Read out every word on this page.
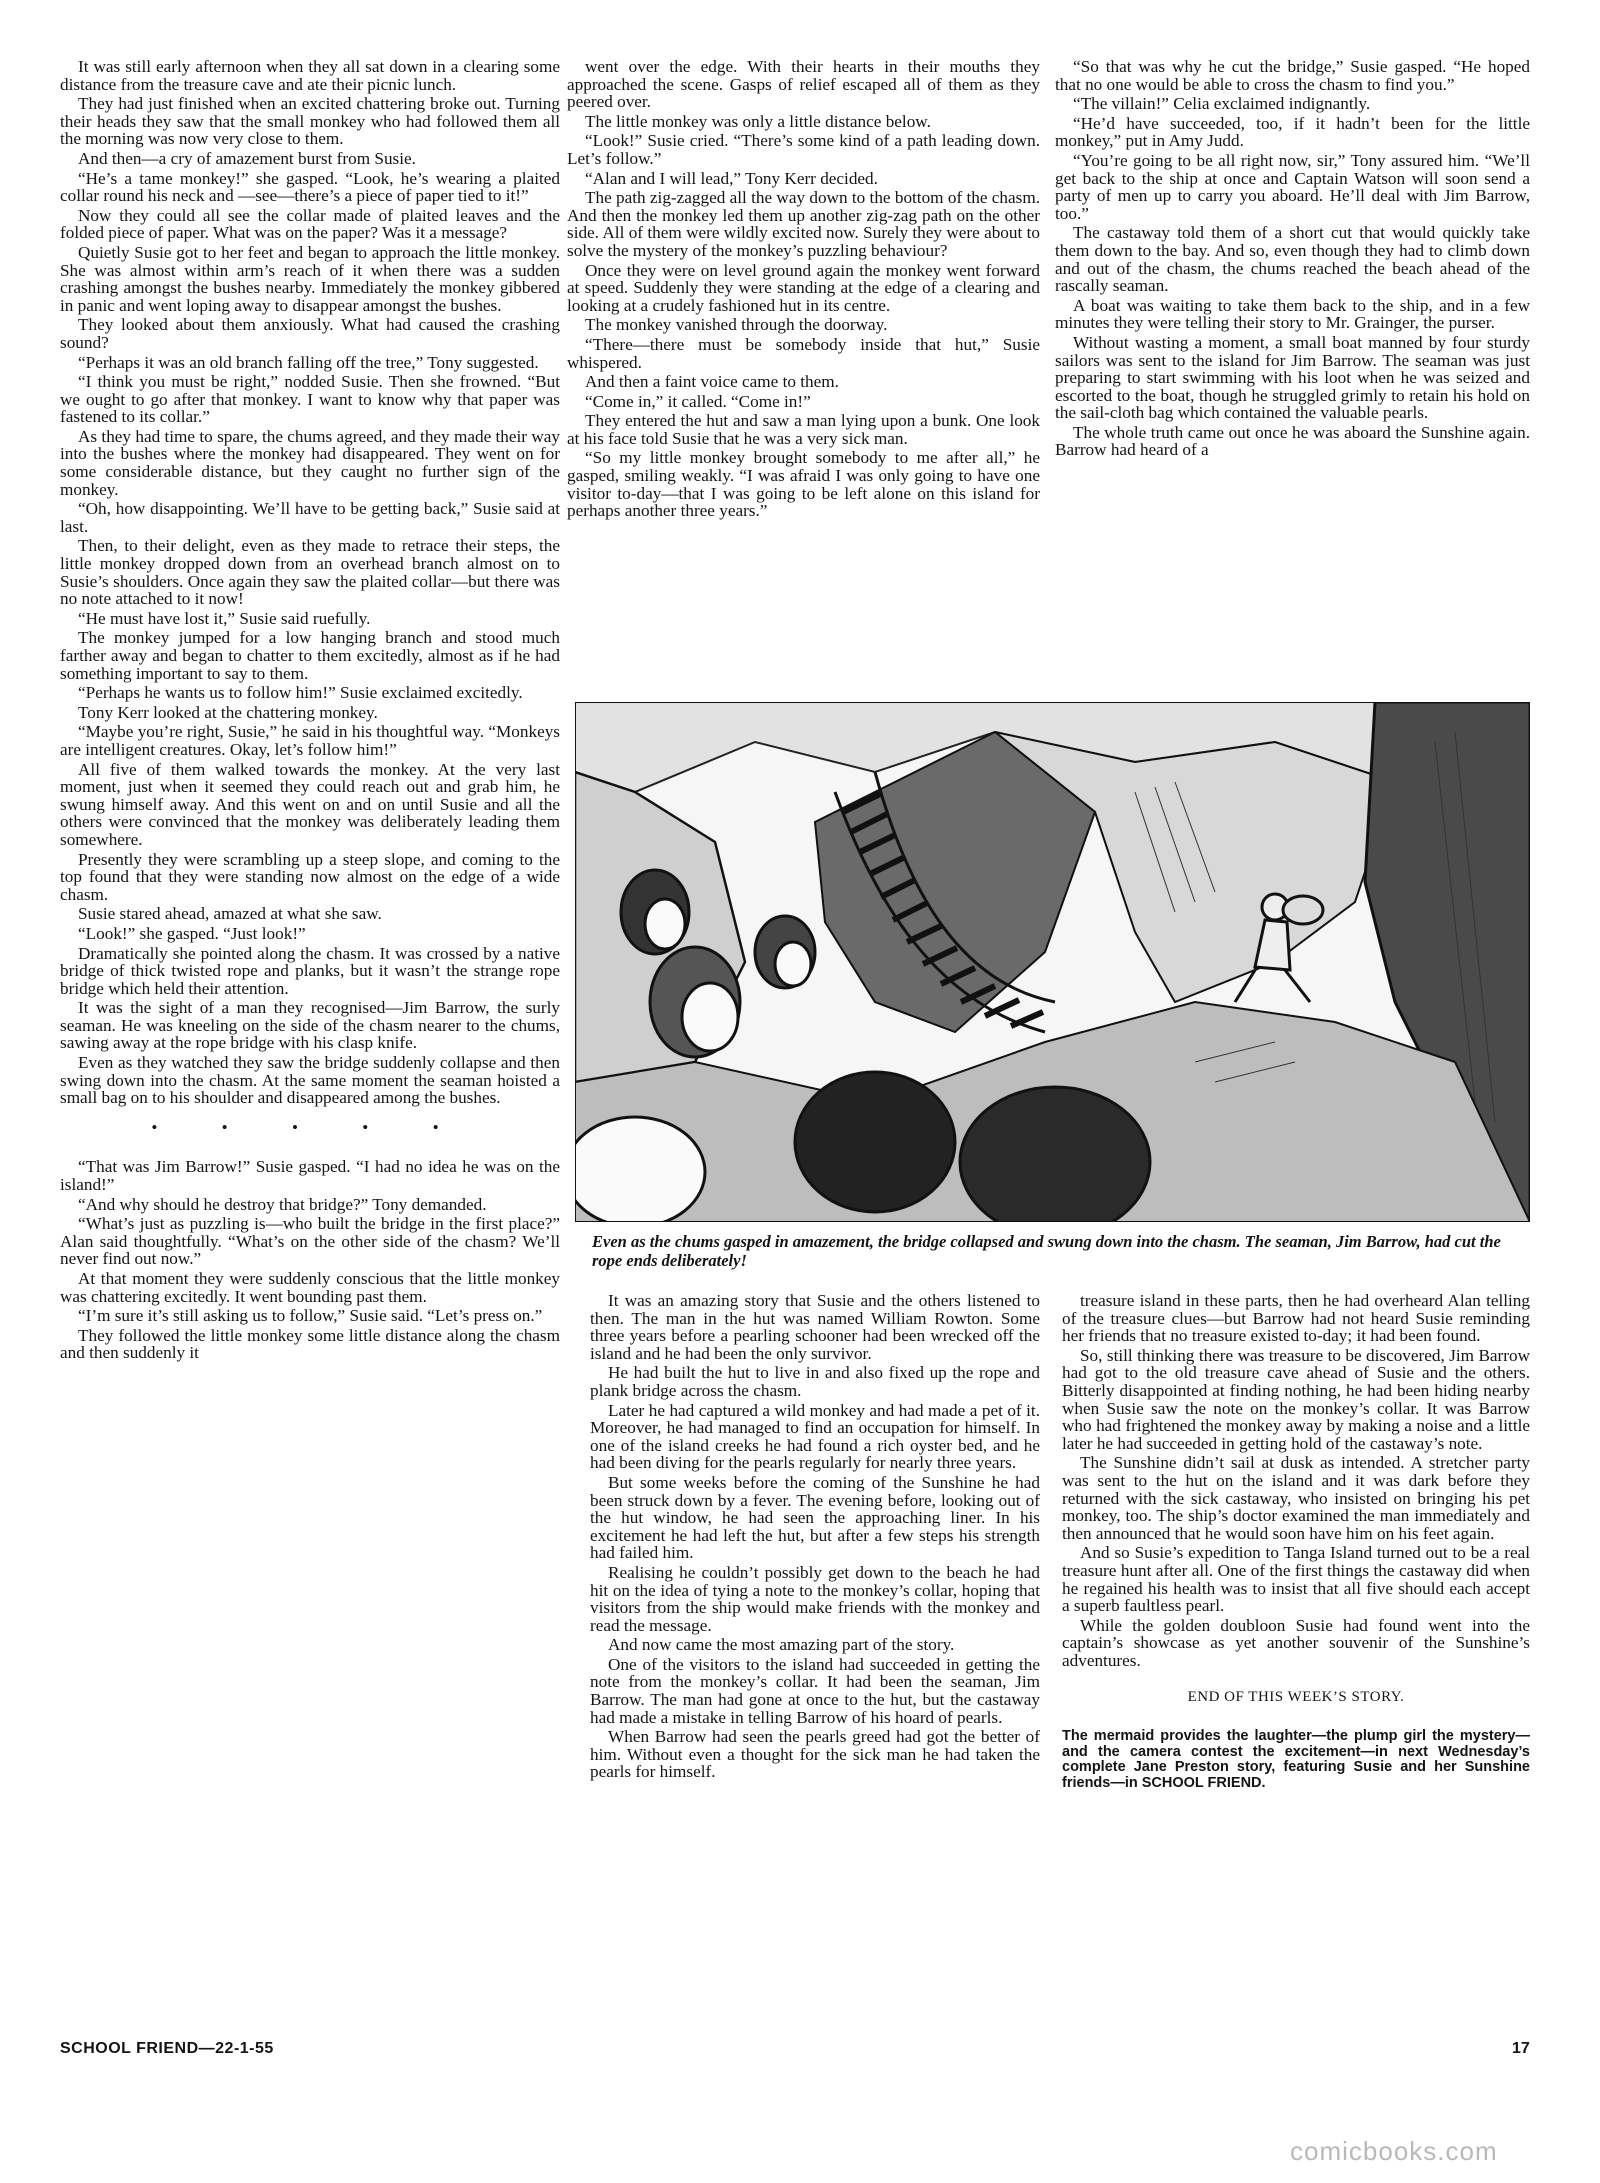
It was still early afternoon when they all sat down in a clearing some distance from the treasure cave and ate their picnic lunch.

They had just finished when an excited chattering broke out. Turning their heads they saw that the small monkey who had followed them all the morning was now very close to them.

And then—a cry of amazement burst from Susie.

“He’s a tame monkey!” she gasped. “Look, he’s wearing a plaited collar round his neck and —see—there’s a piece of paper tied to it!”

Now they could all see the collar made of plaited leaves and the folded piece of paper. What was on the paper? Was it a message?

Quietly Susie got to her feet and began to approach the little monkey. She was almost within arm’s reach of it when there was a sudden crashing amongst the bushes nearby. Immediately the monkey gibbered in panic and went loping away to disappear amongst the bushes.

They looked about them anxiously. What had caused the crashing sound?

“Perhaps it was an old branch falling off the tree,” Tony suggested.

“I think you must be right,” nodded Susie. Then she frowned. “But we ought to go after that monkey. I want to know why that paper was fastened to its collar.”

As they had time to spare, the chums agreed, and they made their way into the bushes where the monkey had disappeared. They went on for some considerable distance, but they caught no further sign of the monkey.

“Oh, how disappointing. We’ll have to be getting back,” Susie said at last.

Then, to their delight, even as they made to retrace their steps, the little monkey dropped down from an overhead branch almost on to Susie’s shoulders. Once again they saw the plaited collar—but there was no note attached to it now!

“He must have lost it,” Susie said ruefully.

The monkey jumped for a low hanging branch and stood much farther away and began to chatter to them excitedly, almost as if he had something important to say to them.

“Perhaps he wants us to follow him!” Susie exclaimed excitedly.

Tony Kerr looked at the chattering monkey.

“Maybe you’re right, Susie,” he said in his thoughtful way. “Monkeys are intelligent creatures. Okay, let’s follow him!”

All five of them walked towards the monkey. At the very last moment, just when it seemed they could reach out and grab him, he swung himself away. And this went on and on until Susie and all the others were convinced that the monkey was deliberately leading them somewhere.

Presently they were scrambling up a steep slope, and coming to the top found that they were standing now almost on the edge of a wide chasm.

Susie stared ahead, amazed at what she saw.

“Look!” she gasped. “Just look!”

Dramatically she pointed along the chasm. It was crossed by a native bridge of thick twisted rope and planks, but it wasn’t the strange rope bridge which held their attention.

It was the sight of a man they recognised—Jim Barrow, the surly seaman. He was kneeling on the side of the chasm nearer to the chums, sawing away at the rope bridge with his clasp knife.

Even as they watched they saw the bridge suddenly collapse and then swing down into the chasm. At the same moment the seaman hoisted a small bag on to his shoulder and disappeared among the bushes.

• • • • •

“That was Jim Barrow!” Susie gasped. “I had no idea he was on the island!”

“And why should he destroy that bridge?” Tony demanded.

“What’s just as puzzling is—who built the bridge in the first place?” Alan said thoughtfully. “What’s on the other side of the chasm? We’ll never find out now.”

At that moment they were suddenly conscious that the little monkey was chattering excitedly. It went bounding past them.

“I’m sure it’s still asking us to follow,” Susie said. “Let’s press on.”

They followed the little monkey some little distance along the chasm and then suddenly it

went over the edge. With their hearts in their mouths they approached the scene. Gasps of relief escaped all of them as they peered over.

The little monkey was only a little distance below.

“Look!” Susie cried. “There’s some kind of a path leading down. Let’s follow.”

“Alan and I will lead,” Tony Kerr decided.

The path zig-zagged all the way down to the bottom of the chasm. And then the monkey led them up another zig-zag path on the other side. All of them were wildly excited now. Surely they were about to solve the mystery of the monkey’s puzzling behaviour?

Once they were on level ground again the monkey went forward at speed. Suddenly they were standing at the edge of a clearing and looking at a crudely fashioned hut in its centre.

The monkey vanished through the doorway.

“There—there must be somebody inside that hut,” Susie whispered.

And then a faint voice came to them.

“Come in,” it called. “Come in!”

They entered the hut and saw a man lying upon a bunk. One look at his face told Susie that he was a very sick man.

“So my little monkey brought somebody to me after all,” he gasped, smiling weakly. “I was afraid I was only going to have one visitor to-day—that I was going to be left alone on this island for perhaps another three years.”

“So that was why he cut the bridge,” Susie gasped. “He hoped that no one would be able to cross the chasm to find you.”

“The villain!” Celia exclaimed indignantly.

“He’d have succeeded, too, if it hadn’t been for the little monkey,” put in Amy Judd.

“You’re going to be all right now, sir,” Tony assured him. “We’ll get back to the ship at once and Captain Watson will soon send a party of men up to carry you aboard. He’ll deal with Jim Barrow, too.”

The castaway told them of a short cut that would quickly take them down to the bay. And so, even though they had to climb down and out of the chasm, the chums reached the beach ahead of the rascally seaman.

A boat was waiting to take them back to the ship, and in a few minutes they were telling their story to Mr. Grainger, the purser.

Without wasting a moment, a small boat manned by four sturdy sailors was sent to the island for Jim Barrow. The seaman was just preparing to start swimming with his loot when he was seized and escorted to the boat, though he struggled grimly to retain his hold on the sail-cloth bag which contained the valuable pearls.

The whole truth came out once he was aboard the Sunshine again. Barrow had heard of a

Even as the chums gasped in amazement, the bridge collapsed and swung down into the chasm. The seaman, Jim Barrow, had cut the rope ends deliberately!

It was an amazing story that Susie and the others listened to then. The man in the hut was named William Rowton. Some three years before a pearling schooner had been wrecked off the island and he had been the only survivor.

He had built the hut to live in and also fixed up the rope and plank bridge across the chasm.

Later he had captured a wild monkey and had made a pet of it. Moreover, he had managed to find an occupation for himself. In one of the island creeks he had found a rich oyster bed, and he had been diving for the pearls regularly for nearly three years.

But some weeks before the coming of the Sunshine he had been struck down by a fever. The evening before, looking out of the hut window, he had seen the approaching liner. In his excitement he had left the hut, but after a few steps his strength had failed him.

Realising he couldn’t possibly get down to the beach he had hit on the idea of tying a note to the monkey’s collar, hoping that visitors from the ship would make friends with the monkey and read the message.

And now came the most amazing part of the story.

One of the visitors to the island had succeeded in getting the note from the monkey’s collar. It had been the seaman, Jim Barrow. The man had gone at once to the hut, but the castaway had made a mistake in telling Barrow of his hoard of pearls.

When Barrow had seen the pearls greed had got the better of him. Without even a thought for the sick man he had taken the pearls for himself.

treasure island in these parts, then he had overheard Alan telling of the treasure clues—but Barrow had not heard Susie reminding her friends that no treasure existed to-day; it had been found.

So, still thinking there was treasure to be discovered, Jim Barrow had got to the old treasure cave ahead of Susie and the others. Bitterly disappointed at finding nothing, he had been hiding nearby when Susie saw the note on the monkey’s collar. It was Barrow who had frightened the monkey away by making a noise and a little later he had succeeded in getting hold of the castaway’s note.

The Sunshine didn’t sail at dusk as intended. A stretcher party was sent to the hut on the island and it was dark before they returned with the sick castaway, who insisted on bringing his pet monkey, too. The ship’s doctor examined the man immediately and then announced that he would soon have him on his feet again.

And so Susie’s expedition to Tanga Island turned out to be a real treasure hunt after all. One of the first things the castaway did when he regained his health was to insist that all five should each accept a superb faultless pearl.

While the golden doubloon Susie had found went into the captain’s showcase as yet another souvenir of the Sunshine’s adventures.

END OF THIS WEEK’S STORY.

The mermaid provides the laughter—the plump girl the mystery—and the camera contest the excitement—in next Wednesday’s complete Jane Preston story, featuring Susie and her Sunshine friends—in SCHOOL FRIEND.

SCHOOL FRIEND—22-1-55	17
comicbooks.com
